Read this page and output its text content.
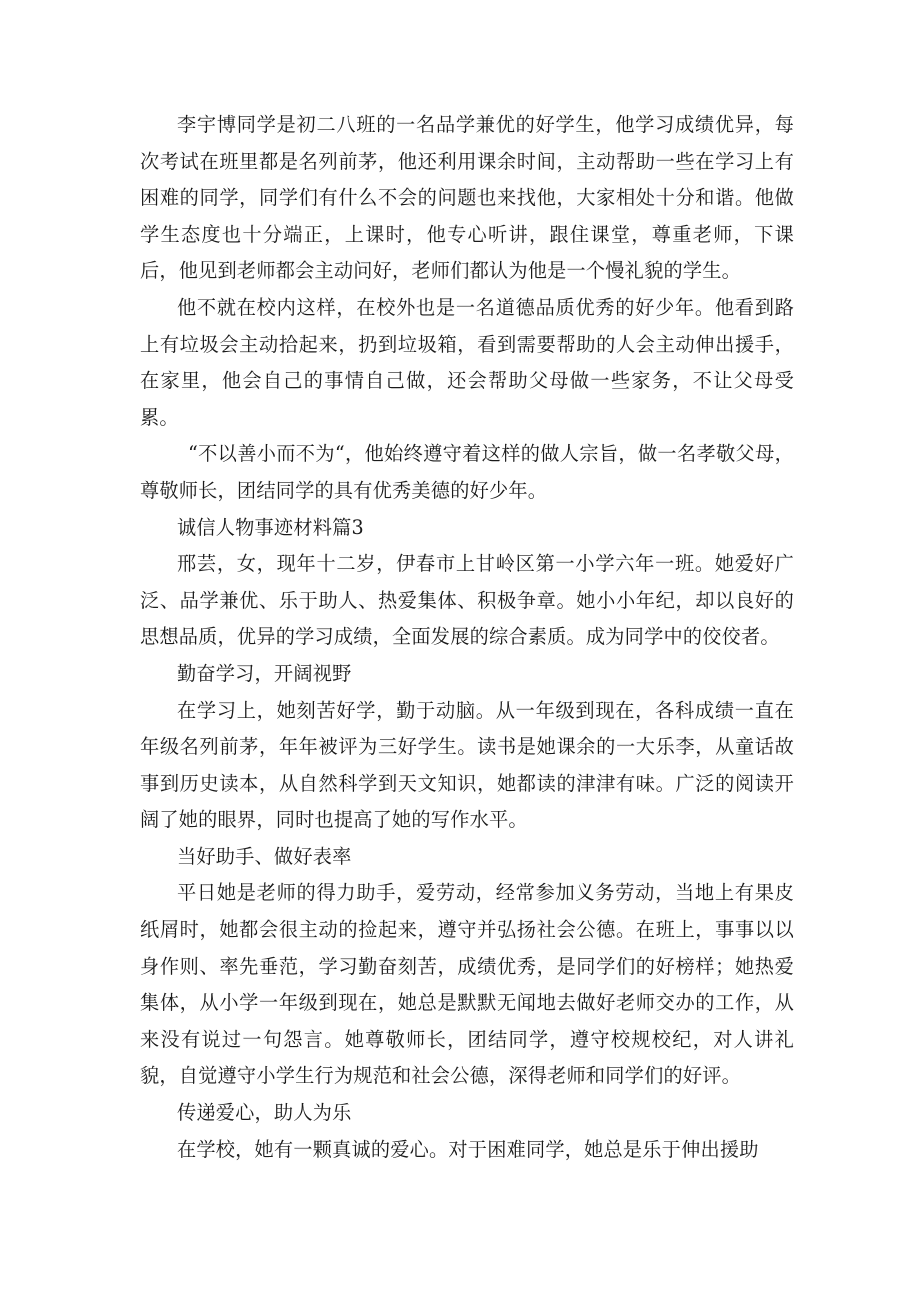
李宇博同学是初二八班的一名品学兼优的好学生，他学习成绩优异，每次考试在班里都是名列前茅，他还利用课余时间，主动帮助一些在学习上有困难的同学，同学们有什么不会的问题也来找他，大家相处十分和谐。他做学生态度也十分端正，上课时，他专心听讲，跟住课堂，尊重老师，下课后，他见到老师都会主动问好，老师们都认为他是一个慢礼貌的学生。

他不就在校内这样，在校外也是一名道德品质优秀的好少年。他看到路上有垃圾会主动拾起来，扔到垃圾箱，看到需要帮助的人会主动伸出援手，在家里，他会自己的事情自己做，还会帮助父母做一些家务，不让父母受累。

“不以善小而不为“，他始终遵守着这样的做人宗旨，做一名孝敬父母，尊敬师长，团结同学的具有优秀美德的好少年。

诚信人物事迹材料篇3

邢芸，女，现年十二岁，伊春市上甘岭区第一小学六年一班。她爱好广泛、品学兼优、乐于助人、热爱集体、积极争章。她小小年纪，却以良好的思想品质，优异的学习成绩，全面发展的综合素质。成为同学中的佼佼者。

勤奋学习，开阔视野

在学习上，她刻苦好学，勤于动脑。从一年级到现在，各科成绩一直在年级名列前茅，年年被评为三好学生。读书是她课余的一大乐李，从童话故事到历史读本，从自然科学到天文知识，她都读的津津有味。广泛的阅读开阔了她的眼界，同时也提高了她的写作水平。

当好助手、做好表率

平日她是老师的得力助手，爱劳动，经常参加义务劳动，当地上有果皮纸屑时，她都会很主动的捡起来，遵守并弘扬社会公德。在班上，事事以以身作则、率先垂范，学习勤奋刻苦，成绩优秀，是同学们的好榜样；她热爱集体，从小学一年级到现在，她总是默默无闻地去做好老师交办的工作，从来没有说过一句怨言。她尊敬师长，团结同学，遵守校规校纪，对人讲礼貌，自觉遵守小学生行为规范和社会公德，深得老师和同学们的好评。

传递爱心，助人为乐

在学校，她有一颗真诚的爱心。对于困难同学，她总是乐于伸出援助
